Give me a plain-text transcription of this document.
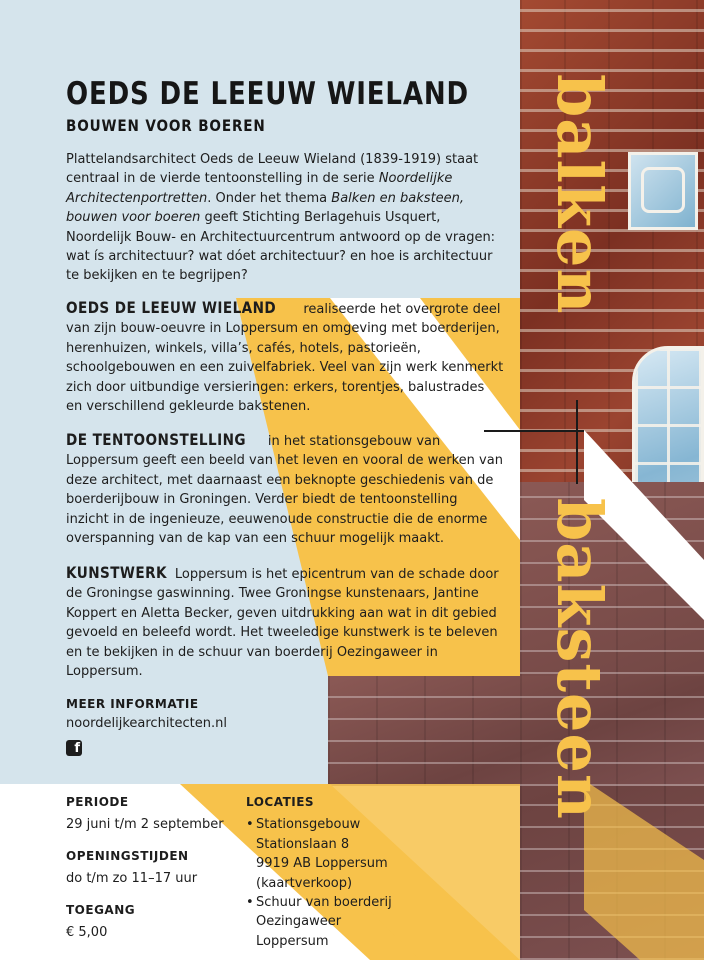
balken
baksteen
OEDS DE LEEUW WIELAND
BOUWEN VOOR BOEREN

Plattelandsarchitect Oeds de Leeuw Wieland (1839-1919) staat centraal in de vierde tentoonstelling in de serie Noordelijke Architectenportretten. Onder het thema Balken en baksteen, bouwen voor boeren geeft Stichting Berlagehuis Usquert, Noordelijk Bouw- en Architectuurcentrum antwoord op de vragen: wat ís architectuur? wat dóet architectuur? en hoe is architectuur te bekijken en te begrijpen?

OEDS DE LEEUW WIELAND realiseerde het overgrote deel van zijn bouw-oeuvre in Loppersum en omgeving met boerderijen, herenhuizen, winkels, villa’s, cafés, hotels, pastorieën, schoolgebouwen en een zuivelfabriek. Veel van zijn werk kenmerkt zich door uitbundige versieringen: erkers, torentjes, balustrades en verschillend gekleurde bakstenen.

DE TENTOONSTELLING in het stationsgebouw van Loppersum geeft een beeld van het leven en vooral de werken van deze architect, met daarnaast een beknopte geschiedenis van de boerderijbouw in Groningen. Verder biedt de tentoonstelling inzicht in de ingenieuze, eeuwenoude constructie die de enorme overspanning van de kap van een schuur mogelijk maakt.

KUNSTWERK Loppersum is het epicentrum van de schade door de Groningse gaswinning. Twee Groningse kunstenaars, Jantine Koppert en Aletta Becker, geven uitdrukking aan wat in dit gebied gevoeld en beleefd wordt. Het tweeledige kunstwerk is te beleven en te bekijken in de schuur van boerderij Oezingaweer in Loppersum.

MEER INFORMATIE

noordelijkearchitecten.nl

f
PERIODE
29 juni t/m 2 september
OPENINGSTIJDEN
do t/m zo 11–17 uur
TOEGANG
€ 5,00
LOCATIES
• Stationsgebouw
Stationslaan 8
9919 AB Loppersum
(kaartverkoop)
• Schuur van boerderij
Oezingaweer
Loppersum
